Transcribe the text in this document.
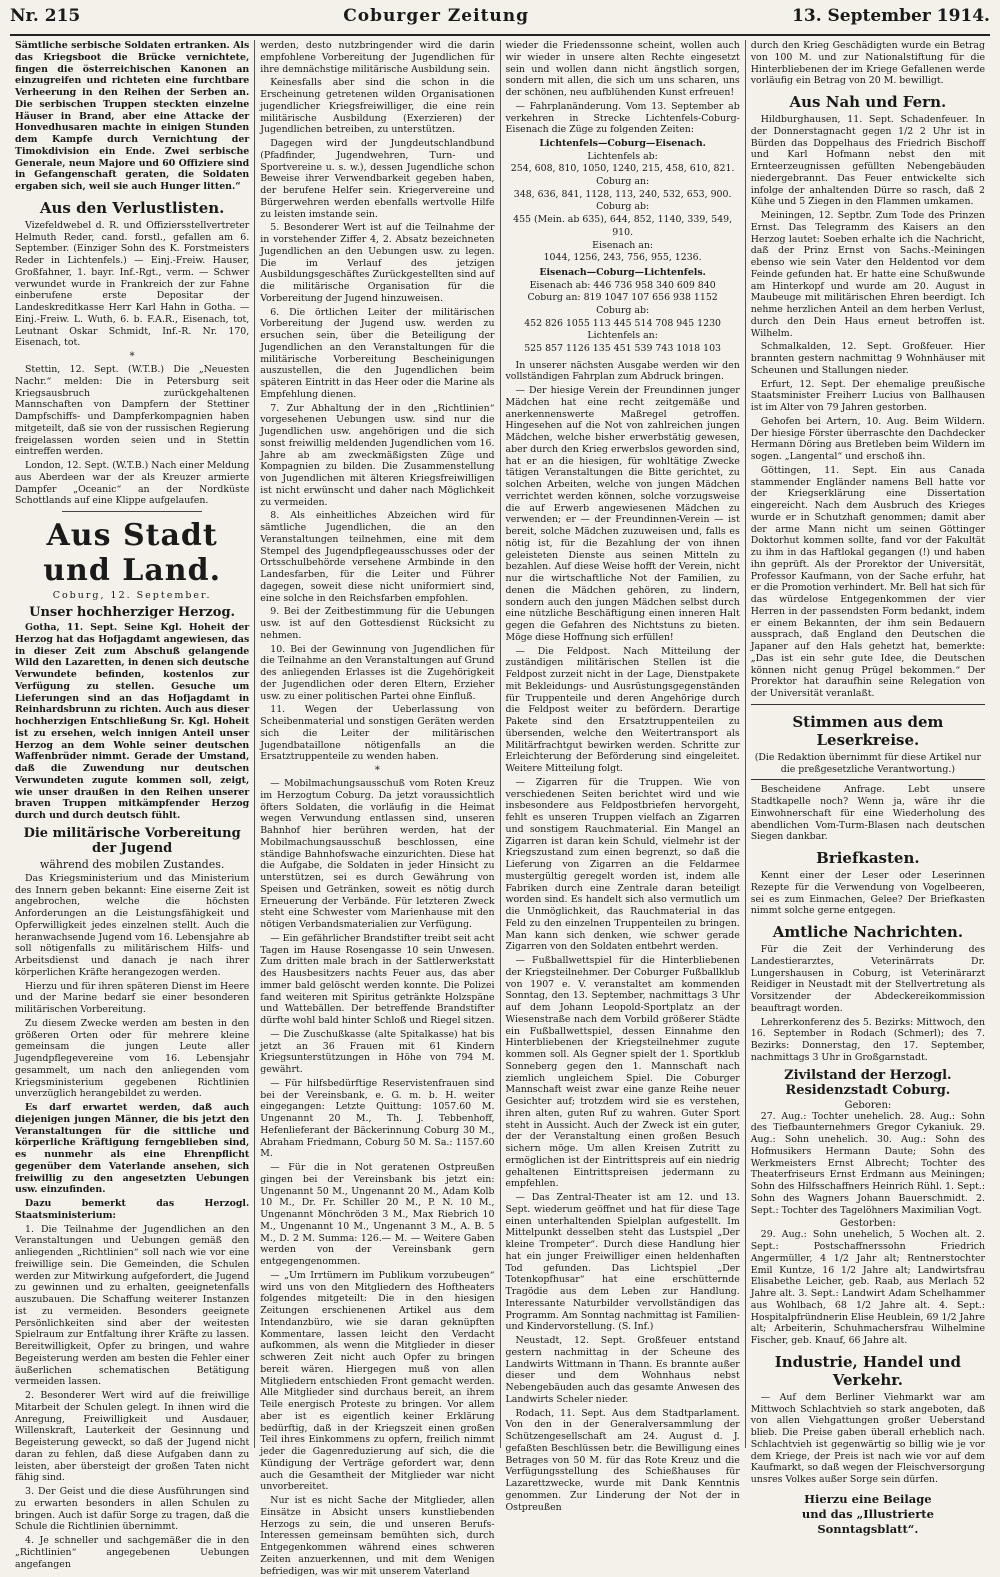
Nr. 215	Coburger Zeitung	13. September 1914.

Sämtliche serbische Soldaten ertranken. Als das Kriegsboot die Brücke vernichtete, fingen die österreichischen Kanonen an einzugreifen und richteten eine furchtbare Verheerung in den Reihen der Serben an. Die serbischen Truppen steckten einzelne Häuser in Brand, aber eine Attacke der Honvedhusaren machte in einigen Stunden dem Kampfe durch Vernichtung der Timokdivision ein Ende. Zwei serbische Generale, neun Majore und 60 Offiziere sind in Gefangenschaft geraten, die Soldaten ergaben sich, weil sie auch Hunger litten.“

Aus den Verlustlisten.

Vizefeldwebel d. R. und Offiziersstellvertreter Helmuth Reder, cand. forstl., gefallen am 6. September. (Einziger Sohn des K. Forstmeisters Reder in Lichtenfels.) — Einj.-Freiw. Hauser, Großfahner, 1. bayr. Inf.-Rgt., verm. — Schwer verwundet wurde in Frankreich der zur Fahne einberufene erste Depositar der Landeskreditkasse Herr Karl Hahn in Gotha. — Einj.-Freiw. L. Wuth, 6. b. F.A.R., Eisenach, tot, Leutnant Oskar Schmidt, Inf.-R. Nr. 170, Eisenach, tot.

*

Stettin, 12. Sept. (W.T.B.) Die „Neuesten Nachr.“ melden: Die in Petersburg seit Kriegsausbruch zurückgehaltenen Mannschaften von Dampfern der Stettiner Dampfschiffs- und Dampferkompagnien haben mitgeteilt, daß sie von der russischen Regierung freigelassen worden seien und in Stettin eintreffen werden.

London, 12. Sept. (W.T.B.) Nach einer Meldung aus Aberdeen war der als Kreuzer armierte Dampfer „Oceanic“ an der Nordküste Schottlands auf eine Klippe aufgelaufen.

Aus Stadt und Land.
Coburg, 12. September.
Unser hochherziger Herzog.

Gotha, 11. Sept. Seine Kgl. Hoheit der Herzog hat das Hofjagdamt angewiesen, das in dieser Zeit zum Abschuß gelangende Wild den Lazaretten, in denen sich deutsche Verwundete befinden, kostenlos zur Verfügung zu stellen. Gesuche um Lieferungen sind an das Hofjagdamt in Reinhardsbrunn zu richten. Auch aus dieser hochherzigen Entschließung Sr. Kgl. Hoheit ist zu ersehen, welch innigen Anteil unser Herzog an dem Wohle seiner deutschen Waffenbrüder nimmt. Gerade der Umstand, daß die Zuwendung nur deutschen Verwundeten zugute kommen soll, zeigt, wie unser draußen in den Reihen unserer braven Truppen mitkämpfender Herzog durch und durch deutsch fühlt.

Die militärische Vorbereitung der Jugend
während des mobilen Zustandes.

Das Kriegsministerium und das Ministerium des Innern geben bekannt: Eine eiserne Zeit ist angebrochen, welche die höchsten Anforderungen an die Leistungsfähigkeit und Opferwilligkeit jedes einzelnen stellt. Auch die heranwachsende Jugend vom 16. Lebensjahre ab soll nötigenfalls zu militärischem Hilfs- und Arbeitsdienst und danach je nach ihrer körperlichen Kräfte herangezogen werden.

Hierzu und für ihren späteren Dienst im Heere und der Marine bedarf sie einer besonderen militärischen Vorbereitung.

Zu diesem Zwecke werden am besten in den größeren Orten oder für mehrere kleine gemeinsam die jungen Leute aller Jugendpflegevereine vom 16. Lebensjahr gesammelt, um nach den anliegenden vom Kriegsministerium gegebenen Richtlinien unverzüglich herangebildet zu werden.

Es darf erwartet werden, daß auch diejenigen jungen Männer, die bis jetzt den Veranstaltungen für die sittliche und körperliche Kräftigung ferngeblieben sind, es nunmehr als eine Ehrenpflicht gegenüber dem Vaterlande ansehen, sich freiwillig zu den angesetzten Uebungen usw. einzufinden.

Dazu bemerkt das Herzogl. Staatsministerium:

1. Die Teilnahme der Jugendlichen an den Veranstaltungen und Uebungen gemäß den anliegenden „Richtlinien“ soll nach wie vor eine freiwillige sein. Die Gemeinden, die Schulen werden zur Mitwirkung aufgefordert, die Jugend zu gewinnen und zu erhalten, geeignetenfalls auszubauen. Die Schaffung weiterer Instanzen ist zu vermeiden. Besonders geeignete Persönlichkeiten sind aber der weitesten Spielraum zur Entfaltung ihrer Kräfte zu lassen. Bereitwilligkeit, Opfer zu bringen, und wahre Begeisterung werden am besten die Fehler einer äußerlichen schematischen Betätigung vermeiden lassen.

2. Besonderer Wert wird auf die freiwillige Mitarbeit der Schulen gelegt. In ihnen wird die Anregung, Freiwilligkeit und Ausdauer, Willenskraft, Lauterkeit der Gesinnung und Begeisterung geweckt, so daß der Jugend nicht daran zu fehlen, daß diese Aufgaben dann zu leisten, aber übersteigt der großen Taten nicht fähig sind.

3. Der Geist und die diese Ausführungen sind zu erwarten besonders in allen Schulen zu bringen. Auch ist dafür Sorge zu tragen, daß die Schule die Richtlinien übernimmt.

4. Je schneller und sachgemäßer die in den „Richtlinien“ angegebenen Uebungen angefangen

werden, desto nutzbringender wird die darin empfohlene Vorbereitung der Jugendlichen für ihre demnächstige militärische Ausbildung sein.

Keinesfalls aber sind die schon in die Erscheinung getretenen wilden Organisationen jugendlicher Kriegsfreiwilliger, die eine rein militärische Ausbildung (Exerzieren) der Jugendlichen betreiben, zu unterstützen.

Dagegen wird der Jungdeutschlandbund (Pfadfinder, Jugendwehren, Turn- und Sportvereine u. s. w.), dessen Jugendliche schon Beweise ihrer Verwendbarkeit gegeben haben, der berufene Helfer sein. Kriegervereine und Bürgerwehren werden ebenfalls wertvolle Hilfe zu leisten imstande sein.

5. Besonderer Wert ist auf die Teilnahme der in vorstehender Ziffer 4, 2. Absatz bezeichneten Jugendlichen an den Uebungen usw. zu legen. Die im Verlauf des jetzigen Ausbildungsgeschäftes Zurückgestellten sind auf die militärische Organisation für die Vorbereitung der Jugend hinzuweisen.

6. Die örtlichen Leiter der militärischen Vorbereitung der Jugend usw. werden zu ersuchen sein, über die Beteiligung der Jugendlichen an den Veranstaltungen für die militärische Vorbereitung Bescheinigungen auszustellen, die den Jugendlichen beim späteren Eintritt in das Heer oder die Marine als Empfehlung dienen.

7. Zur Abhaltung der in den „Richtlinien“ vorgesehenen Uebungen usw. sind nur die Jugendlichen usw. angehörigen und die sich sonst freiwillig meldenden Jugendlichen vom 16. Jahre ab am zweckmäßigsten Züge und Kompagnien zu bilden. Die Zusammenstellung von Jugendlichen mit älteren Kriegsfreiwilligen ist nicht erwünscht und daher nach Möglichkeit zu vermeiden.

8. Als einheitliches Abzeichen wird für sämtliche Jugendlichen, die an den Veranstaltungen teilnehmen, eine mit dem Stempel des Jugendpflegeausschusses oder der Ortsschulbehörde versehene Armbinde in den Landesfarben, für die Leiter und Führer dagegen, soweit diese nicht uniformiert sind, eine solche in den Reichsfarben empfohlen.

9. Bei der Zeitbestimmung für die Uebungen usw. ist auf den Gottesdienst Rücksicht zu nehmen.

10. Bei der Gewinnung von Jugendlichen für die Teilnahme an den Veranstaltungen auf Grund des anliegenden Erlasses ist die Zugehörigkeit der Jugendlichen oder deren Eltern, Erzieher usw. zu einer politischen Partei ohne Einfluß.

11. Wegen der Ueberlassung von Scheibenmaterial und sonstigen Geräten werden sich die Leiter der militärischen Jugendbataillone nötigenfalls an die Ersatztruppenteile zu wenden haben.

*

— Mobilmachungsausschuß vom Roten Kreuz im Herzogtum Coburg. Da jetzt voraussichtlich öfters Soldaten, die vorläufig in die Heimat wegen Verwundung entlassen sind, unseren Bahnhof hier berühren werden, hat der Mobilmachungsausschuß beschlossen, eine ständige Bahnhofswache einzurichten. Diese hat die Aufgabe, die Soldaten in jeder Hinsicht zu unterstützen, sei es durch Gewährung von Speisen und Getränken, soweit es nötig durch Erneuerung der Verbände. Für letzteren Zweck steht eine Schwester vom Marienhause mit den nötigen Verbandsmaterialien zur Verfügung.

— Ein gefährlicher Brandstifter treibt seit acht Tagen im Hause Rosengasse 10 sein Unwesen. Zum dritten male brach in der Sattlerwerkstatt des Hausbesitzers nachts Feuer aus, das aber immer bald gelöscht werden konnte. Die Polizei fand weiteren mit Spiritus getränkte Holzspäne und Wattebällen. Der betreffende Brandstifter dürfte wohl bald hinter Schloß und Riegel sitzen.

— Die Zuschußkasse (alte Spitalkasse) hat bis jetzt an 36 Frauen mit 61 Kindern Kriegsunterstützungen in Höhe von 794 M. gewährt.

— Für hilfsbedürftige Reservistenfrauen sind bei der Vereinsbank, e. G. m. b. H. weiter eingegangen: Letzte Quittung: 1057.60 M. Ungenannt 20 M., Th. J. Tebbenhoff, Hefenlieferant der Bäckerinnung Coburg 30 M., Abraham Friedmann, Coburg 50 M. Sa.: 1157.60 M.

— Für die in Not geratenen Ostpreußen gingen bei der Vereinsbank bis jetzt ein: Ungenannt 50 M., Ungenannt 20 M., Adam Kolb 10 M., Dr. Fr. Schiller 20 M., P. N. 10 M., Ungenannt Mönchröden 3 M., Max Riebrich 10 M., Ungenannt 10 M., Ungenannt 3 M., A. B. 5 M., D. 2 M. Summa: 126.— M. — Weitere Gaben werden von der Vereinsbank gern entgegengenommen.

— „Um Irrtümern im Publikum vorzubeugen“ wird uns von den Mitgliedern des Hoftheaters folgendes mitgeteilt: Die in den hiesigen Zeitungen erschienenen Artikel aus dem Intendanzbüro, wie sie daran geknüpften Kommentare, lassen leicht den Verdacht aufkommen, als wenn die Mitglieder in dieser schweren Zeit nicht auch Opfer zu bringen bereit wären. Hiergegen muß von allen Mitgliedern entschieden Front gemacht werden. Alle Mitglieder sind durchaus bereit, an ihrem Teile energisch Proteste zu bringen. Vor allem aber ist es eigentlich keiner Erklärung bedürftig, daß in der Kriegszeit einen großen Teil ihres Einkommens zu opfern, freilich nimmt jeder die Gagenreduzierung auf sich, die die Kündigung der Verträge gefordert war, denn auch die Gesamtheit der Mitglieder war nicht unvorbereitet.

Nur ist es nicht Sache der Mitglieder, allen Einsätze in Absicht unsers kunstliebenden Herzogs zu sein, die und unseren Berufs-Interessen gemeinsam bemühten sich, durch Entgegenkommen während eines schweren Zeiten anzuerkennen, und mit dem Wenigen befriedigen, was wir mit unserem Vaterland

wieder die Friedenssonne scheint, wollen auch wir wieder in unsere alten Rechte eingesetzt sein und wollen dann nicht ängstlich sorgen, sondern mit allen, die sich um uns scharen, uns der schönen, neu aufblühenden Kunst erfreuen!

— Fahrplanänderung. Vom 13. September ab verkehren in Strecke Lichtenfels-Coburg-Eisenach die Züge zu folgenden Zeiten:

Lichtenfels—Coburg—Eisenach.
Lichtenfels ab:
254, 608, 810, 1050, 1240, 215, 458, 610, 821.
Coburg an:
348, 636, 841, 1128, 113, 240, 532, 653, 900.
Coburg ab:
455 (Mein. ab 635), 644, 852, 1140, 339, 549, 910.
Eisenach an:
1044, 1256, 243, 756, 955, 1236.
Eisenach—Coburg—Lichtenfels.
Eisenach ab: 446 736 958 340 609 840
Coburg an: 819 1047 107 656 938 1152
Coburg ab:
452 826 1055 113 445 514 708 945 1230
Lichtenfels an:
525 857 1126 135 451 539 743 1018 103

In unserer nächsten Ausgabe werden wir den vollständigen Fahrplan zum Abdruck bringen.

— Der hiesige Verein der Freundinnen junger Mädchen hat eine recht zeitgemäße und anerkennenswerte Maßregel getroffen. Hingesehen auf die Not von zahlreichen jungen Mädchen, welche bisher erwerbstätig gewesen, aber durch den Krieg erwerbslos geworden sind, hat er an die hiesigen, für wohltätige Zwecke tätigen Veranstaltungen die Bitte gerichtet, zu solchen Arbeiten, welche von jungen Mädchen verrichtet werden können, solche vorzugsweise die auf Erwerb angewiesenen Mädchen zu verwenden; er — der Freundinnen-Verein — ist bereit, solche Mädchen zuzuweisen und, falls es nötig ist, für die Bezahlung der von ihnen geleisteten Dienste aus seinen Mitteln zu bezahlen. Auf diese Weise hofft der Verein, nicht nur die wirtschaftliche Not der Familien, zu denen die Mädchen gehören, zu lindern, sondern auch den jungen Mädchen selbst durch eine nützliche Beschäftigung einen inneren Halt gegen die Gefahren des Nichtstuns zu bieten. Möge diese Hoffnung sich erfüllen!

— Die Feldpost. Nach Mitteilung der zuständigen militärischen Stellen ist die Feldpost zurzeit nicht in der Lage, Dienstpakete mit Bekleidungs- und Ausrüstungsgegenständen für Truppenteile und deren Angehörige durch die Feldpost weiter zu befördern. Derartige Pakete sind den Ersatztruppenteilen zu übersenden, welche den Weitertransport als Militärfrachtgut bewirken werden. Schritte zur Erleichterung der Beförderung sind eingeleitet. Weitere Mitteilung folgt.

— Zigarren für die Truppen. Wie von verschiedenen Seiten berichtet wird und wie insbesondere aus Feldpostbriefen hervorgeht, fehlt es unseren Truppen vielfach an Zigarren und sonstigem Rauchmaterial. Ein Mangel an Zigarren ist daran kein Schuld, vielmehr ist der Kriegszustand zum einen begrenzt, so daß die Lieferung von Zigarren an die Feldarmee mustergültig geregelt worden ist, indem alle Fabriken durch eine Zentrale daran beteiligt worden sind. Es handelt sich also vermutlich um die Unmöglichkeit, das Rauchmaterial in das Feld zu den einzelnen Truppenteilen zu bringen. Man kann sich denken, wie schwer gerade Zigarren von den Soldaten entbehrt werden.

— Fußballwettspiel für die Hinterbliebenen der Kriegsteilnehmer. Der Coburger Fußballklub von 1907 e. V. veranstaltet am kommenden Sonntag, den 13. September, nachmittags 3 Uhr auf dem Johann Leopold-Sportplatz an der Wiesenstraße nach dem Vorbild größerer Städte ein Fußballwettspiel, dessen Einnahme den Hinterbliebenen der Kriegsteilnehmer zugute kommen soll. Als Gegner spielt der 1. Sportklub Sonneberg gegen den 1. Mannschaft nach ziemlich ungleichem Spiel. Die Coburger Mannschaft weist zwar eine ganze Reihe neuer Gesichter auf; trotzdem wird sie es verstehen, ihren alten, guten Ruf zu wahren. Guter Sport steht in Aussicht. Auch der Zweck ist ein guter, der der Veranstaltung einen großen Besuch sichern möge. Um allen Kreisen Zutritt zu ermöglichen ist der Eintrittspreis auf ein niedrig gehaltenen Eintrittspreisen jedermann zu empfehlen.

— Das Zentral-Theater ist am 12. und 13. Sept. wiederum geöffnet und hat für diese Tage einen unterhaltenden Spielplan aufgestellt. Im Mittelpunkt desselben steht das Lustspiel „Der kleine Trompeter“. Durch diese Handlung hier hat ein junger Freiwilliger einen heldenhaften Tod gefunden. Das Lichtspiel „Der Totenkopfhusar“ hat eine erschütternde Tragödie aus dem Leben zur Handlung. Interessante Naturbilder vervollständigen das Programm. Am Sonntag nachmittag ist Familien- und Kindervorstellung. (S. Inf.)

Neustadt, 12. Sept. Großfeuer entstand gestern nachmittag in der Scheune des Landwirts Wittmann in Thann. Es brannte außer dieser und dem Wohnhaus nebst Nebengebäuden auch das gesamte Anwesen des Landwirts Scheler nieder.

Rodach, 11. Sept. Aus dem Stadtparlament. Von den in der Generalversammlung der Schützengesellschaft am 24. August d. J. gefaßten Beschlüssen betr. die Bewilligung eines Betrages von 50 M. für das Rote Kreuz und die Verfügungsstellung des Schießhauses für Lazarettzwecke, wurde mit Dank Kenntnis genommen. Zur Linderung der Not der in Ostpreußen

durch den Krieg Geschädigten wurde ein Betrag von 100 M. und zur Nationalstiftung für die Hinterbliebenen der im Kriege Gefallenen werde vorläufig ein Betrag von 20 M. bewilligt.

Aus Nah und Fern.

Hildburghausen, 11. Sept. Schadenfeuer. In der Donnerstagnacht gegen 1/2 2 Uhr ist in Bürden das Doppelhaus des Friedrich Bischoff und Karl Hofmann nebst den mit Ernteerzeugnissen gefüllten Nebengebäuden niedergebrannt. Das Feuer entwickelte sich infolge der anhaltenden Dürre so rasch, daß 2 Kühe und 5 Ziegen in den Flammen umkamen.

Meiningen, 12. Septbr. Zum Tode des Prinzen Ernst. Das Telegramm des Kaisers an den Herzog lautet: Soeben erhalte ich die Nachricht, daß der Prinz Ernst von Sachs.-Meiningen ebenso wie sein Vater den Heldentod vor dem Feinde gefunden hat. Er hatte eine Schußwunde am Hinterkopf und wurde am 20. August in Maubeuge mit militärischen Ehren beerdigt. Ich nehme herzlichen Anteil an dem herben Verlust, durch den Dein Haus erneut betroffen ist. Wilhelm.

Schmalkalden, 12. Sept. Großfeuer. Hier brannten gestern nachmittag 9 Wohnhäuser mit Scheunen und Stallungen nieder.

Erfurt, 12. Sept. Der ehemalige preußische Staatsminister Freiherr Lucius von Ballhausen ist im Alter von 79 Jahren gestorben.

Gehofen bei Artern, 10. Aug. Beim Wildern. Der hiesige Förster überraschte den Dachdecker Hermann Döring aus Bretleben beim Wildern im sogen. „Langental“ und erschoß ihn.

Göttingen, 11. Sept. Ein aus Canada stammender Engländer namens Bell hatte vor der Kriegserklärung eine Dissertation eingereicht. Nach dem Ausbruch des Krieges wurde er in Schutzhaft genommen; damit aber der arme Mann nicht um seinen Göttinger Doktorhut kommen sollte, fand vor der Fakultät zu ihm in das Haftlokal gegangen (!) und haben ihn geprüft. Als der Prorektor der Universität, Professor Kaufmann, von der Sache erfuhr, hat er die Promotion verhindert. Mr. Bell hat sich für das würdelose Entgegenkommen der vier Herren in der passendsten Form bedankt, indem er einem Bekannten, der ihm sein Bedauern aussprach, daß England den Deutschen die Japaner auf den Hals gehetzt hat, bemerkte: „Das ist ein sehr gute Idee, die Deutschen können nicht genug Prügel bekommen.“ Der Prorektor hat daraufhin seine Relegation von der Universität veranlaßt.

Stimmen aus dem Leserkreise.

(Die Redaktion übernimmt für diese Artikel nur die preßgesetzliche Verantwortung.)

Bescheidene Anfrage. Lebt unsere Stadtkapelle noch? Wenn ja, wäre ihr die Einwohnerschaft für eine Wiederholung des abendlichen Vom-Turm-Blasen nach deutschen Siegen dankbar.

Briefkasten.

Kennt einer der Leser oder Leserinnen Rezepte für die Verwendung von Vogelbeeren, sei es zum Einmachen, Gelee? Der Briefkasten nimmt solche gerne entgegen.

Amtliche Nachrichten.

Für die Zeit der Verhinderung des Landestierarztes, Veterinärrats Dr. Lungershausen in Coburg, ist Veterinärarzt Reidiger in Neustadt mit der Stellvertretung als Vorsitzender der Abdeckereikommission beauftragt worden.

Lehrerkonferenz des 5. Bezirks: Mittwoch, den 16. September in Rodach (Schmerl); des 7. Bezirks: Donnerstag, den 17. September, nachmittags 3 Uhr in Großgarnstadt.

Zivilstand der Herzogl. Residenzstadt Coburg.
Geboren:

27. Aug.: Tochter unehelich. 28. Aug.: Sohn des Tiefbaunternehmers Gregor Cykaniuk. 29. Aug.: Sohn unehelich. 30. Aug.: Sohn des Hofmusikers Hermann Daute; Sohn des Werkmeisters Ernst Albrecht; Tochter des Theaterfriseurs Ernst Erdmann aus Meiningen; Sohn des Hilfsschaffners Heinrich Rühl. 1. Sept.: Sohn des Wagners Johann Bauerschmidt. 2. Sept.: Tochter des Tagelöhners Maximilian Vogt.

Gestorben:

29. Aug.: Sohn unehelich, 5 Wochen alt. 2. Sept.: Postschaffnerssohn Friedrich Angermüller, 4 1/2 Jahr alt; Rentnerstochter Emil Kuntze, 16 1/2 Jahre alt; Landwirtsfrau Elisabethe Leicher, geb. Raab, aus Merlach 52 Jahre alt. 3. Sept.: Landwirt Adam Schelhammer aus Wohlbach, 68 1/2 Jahre alt. 4. Sept.: Hospitalpfründnerin Elise Heublein, 69 1/2 Jahre alt; Arbeiterin, Schuhmachersfrau Wilhelmine Fischer, geb. Knauf, 66 Jahre alt.

Industrie, Handel und Verkehr.

— Auf dem Berliner Viehmarkt war am Mittwoch Schlachtvieh so stark angeboten, daß von allen Viehgattungen großer Ueberstand blieb. Die Preise gaben überall erheblich nach. Schlachtvieh ist gegenwärtig so billig wie je vor dem Kriege, der Preis ist nach wie vor auf dem Kaufmarkt, so daß wegen der Fleischversorgung unsres Volkes außer Sorge sein dürfen.

Hierzu eine Beilage
und das „Illustrierte Sonntagsblatt“.
